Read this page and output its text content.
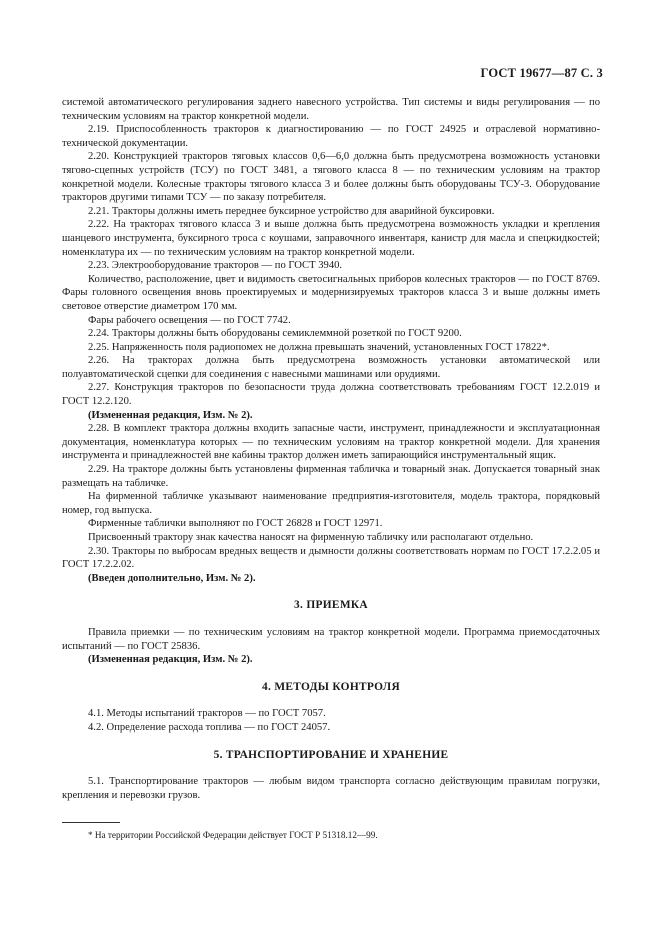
ГОСТ 19677—87 С. 3

системой автоматического регулирования заднего навесного устройства. Тип системы и виды регулирования — по техническим условиям на трактор конкретной модели.

2.19. Приспособленность тракторов к диагностированию — по ГОСТ 24925 и отраслевой нормативно-технической документации.

2.20. Конструкцией тракторов тяговых классов 0,6—6,0 должна быть предусмотрена возможность установки тягово-сцепных устройств (ТСУ) по ГОСТ 3481, а тягового класса 8 — по техническим условиям на трактор конкретной модели. Колесные тракторы тягового класса 3 и более должны быть оборудованы ТСУ-3. Оборудование тракторов другими типами ТСУ — по заказу потребителя.

2.21. Тракторы должны иметь переднее буксирное устройство для аварийной буксировки.

2.22. На тракторах тягового класса 3 и выше должна быть предусмотрена возможность укладки и крепления шанцевого инструмента, буксирного троса с коушами, заправочного инвентаря, канистр для масла и спецжидкостей; номенклатура их — по техническим условиям на трактор конкретной модели.

2.23. Электрооборудование тракторов — по ГОСТ 3940.

Количество, расположение, цвет и видимость светосигнальных приборов колесных тракторов — по ГОСТ 8769. Фары головного освещения вновь проектируемых и модернизируемых тракторов класса 3 и выше должны иметь световое отверстие диаметром 170 мм.

Фары рабочего освещения — по ГОСТ 7742.

2.24. Тракторы должны быть оборудованы семиклеммной розеткой по ГОСТ 9200.

2.25. Напряженность поля радиопомех не должна превышать значений, установленных ГОСТ 17822*.

2.26. На тракторах должна быть предусмотрена возможность установки автоматической или полуавтоматической сцепки для соединения с навесными машинами или орудиями.

2.27. Конструкция тракторов по безопасности труда должна соответствовать требованиям ГОСТ 12.2.019 и ГОСТ 12.2.120.

(Измененная редакция, Изм. № 2).

2.28. В комплект трактора должны входить запасные части, инструмент, принадлежности и эксплуатационная документация, номенклатура которых — по техническим условиям на трактор конкретной модели. Для хранения инструмента и принадлежностей вне кабины трактор должен иметь запирающийся инструментальный ящик.

2.29. На тракторе должны быть установлены фирменная табличка и товарный знак. Допускается товарный знак размещать на табличке.

На фирменной табличке указывают наименование предприятия-изготовителя, модель трактора, порядковый номер, год выпуска.

Фирменные таблички выполняют по ГОСТ 26828 и ГОСТ 12971.

Присвоенный трактору знак качества наносят на фирменную табличку или располагают отдельно.

2.30. Тракторы по выбросам вредных веществ и дымности должны соответствовать нормам по ГОСТ 17.2.2.05 и ГОСТ 17.2.2.02.

(Введен дополнительно, Изм. № 2).

3. ПРИЕМКА

Правила приемки — по техническим условиям на трактор конкретной модели. Программа приемосдаточных испытаний — по ГОСТ 25836.

(Измененная редакция, Изм. № 2).

4. МЕТОДЫ КОНТРОЛЯ

4.1. Методы испытаний тракторов — по ГОСТ 7057.

4.2. Определение расхода топлива — по ГОСТ 24057.

5. ТРАНСПОРТИРОВАНИЕ И ХРАНЕНИЕ

5.1. Транспортирование тракторов — любым видом транспорта согласно действующим правилам погрузки, крепления и перевозки грузов.

* На территории Российской Федерации действует ГОСТ Р 51318.12—99.
